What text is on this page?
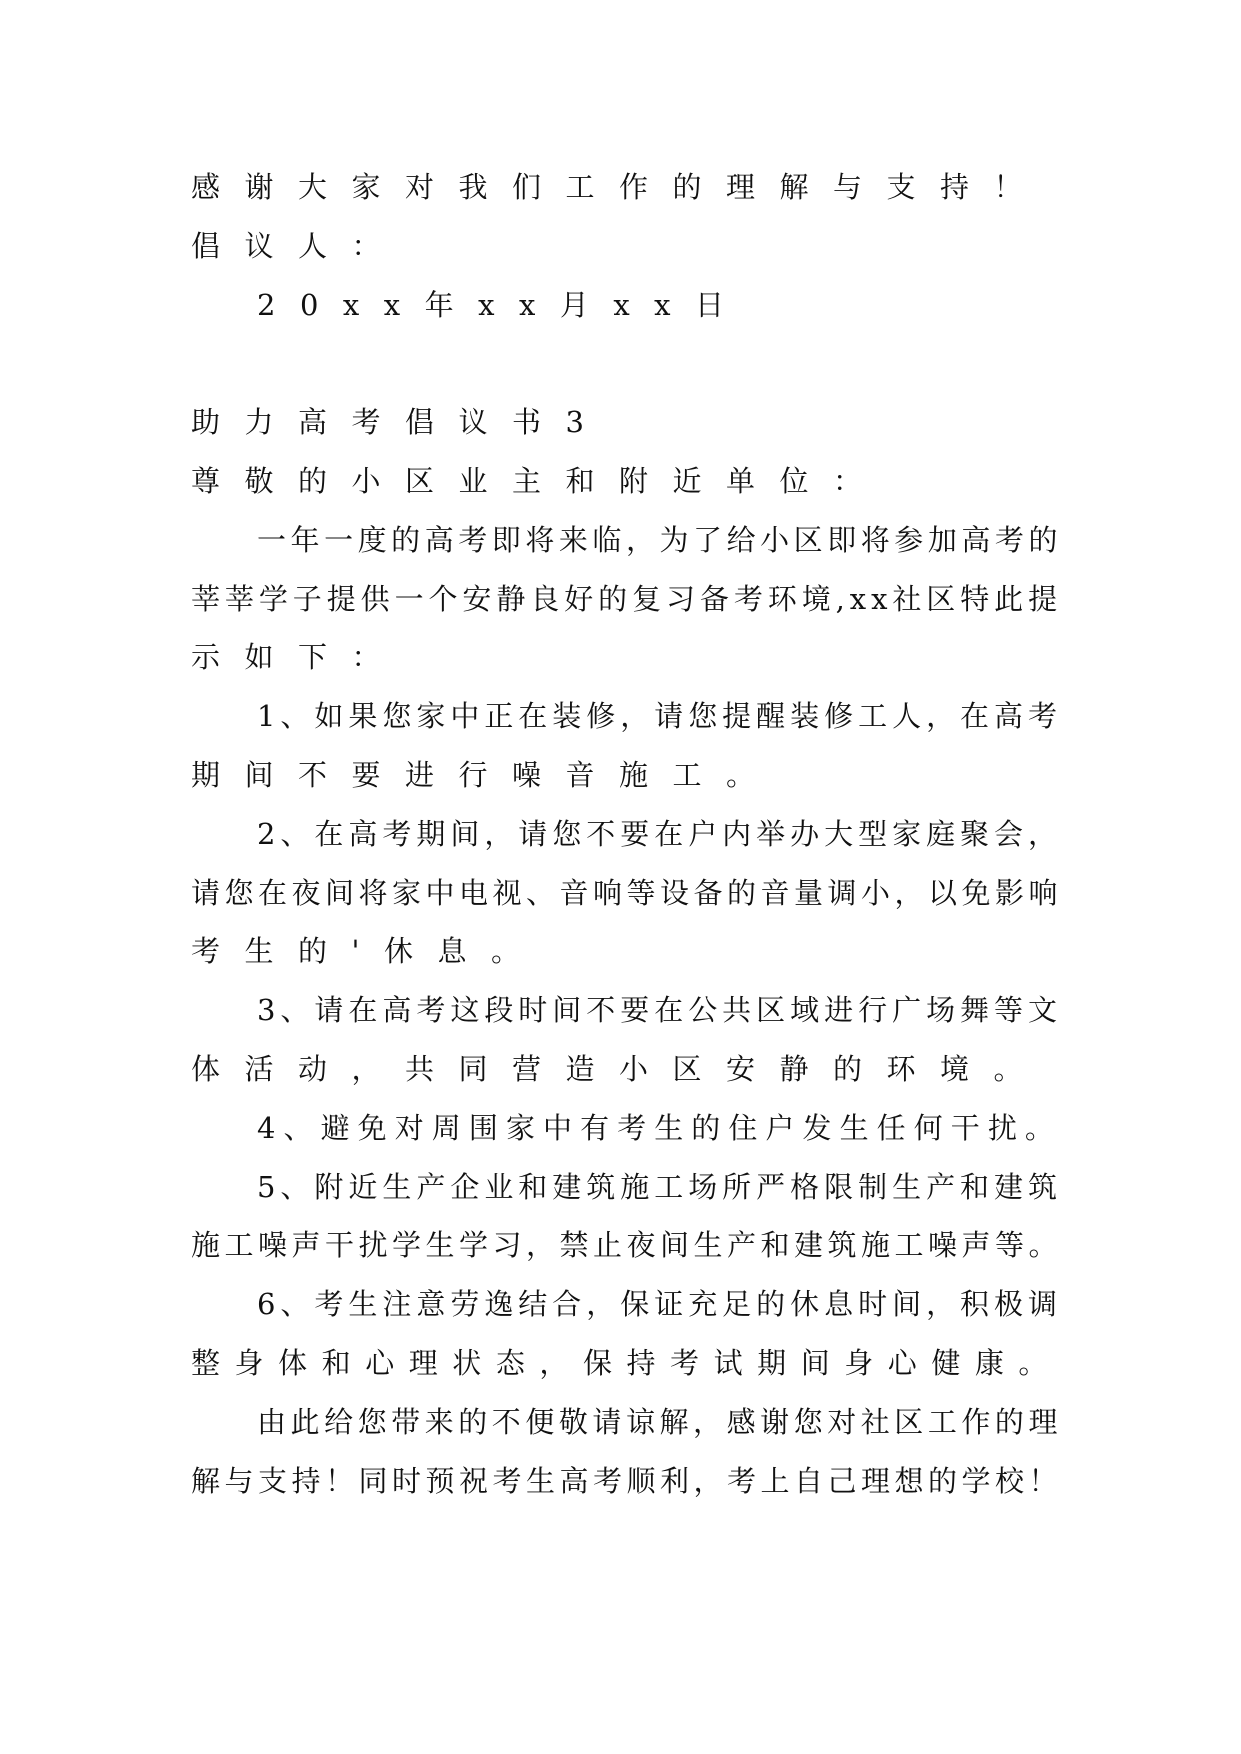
感谢大家对我们工作的理解与支持！
倡议人：
20xx年xx月xx日
助力高考倡议书3
尊敬的小区业主和附近单位：
一年一度的高考即将来临，为了给小区即将参加高考的
莘莘学子提供一个安静良好的复习备考环境,xx社区特此提
示如下：
1、如果您家中正在装修，请您提醒装修工人，在高考
期间不要进行噪音施工。
2、在高考期间，请您不要在户内举办大型家庭聚会，
请您在夜间将家中电视、音响等设备的音量调小，以免影响
考生的'休息。
3、请在高考这段时间不要在公共区域进行广场舞等文
体活动，共同营造小区安静的环境。
4、避免对周围家中有考生的住户发生任何干扰。
5、附近生产企业和建筑施工场所严格限制生产和建筑
施工噪声干扰学生学习，禁止夜间生产和建筑施工噪声等。
6、考生注意劳逸结合，保证充足的休息时间，积极调
整身体和心理状态，保持考试期间身心健康。
由此给您带来的不便敬请谅解，感谢您对社区工作的理
解与支持！同时预祝考生高考顺利，考上自己理想的学校！
